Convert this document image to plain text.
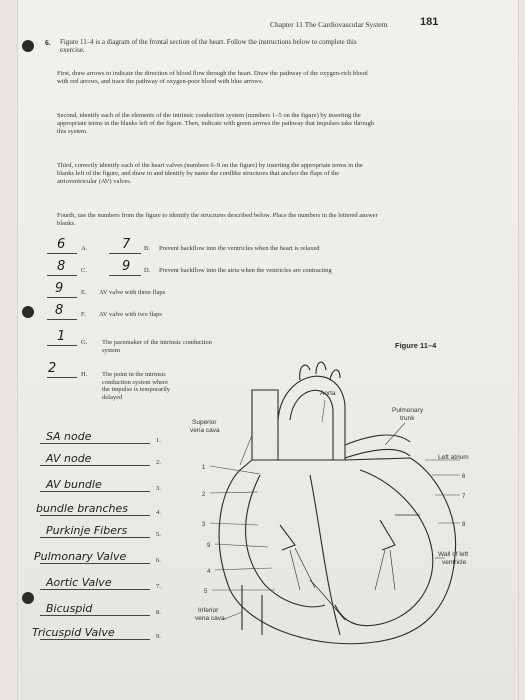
Chapter 11 The Cardiovascular System	181
6. Figure 11–4 is a diagram of the frontal section of the heart. Follow the instructions below to complete this exercise.
First, draw arrows to indicate the direction of blood flow through the heart. Draw the pathway of the oxygen-rich blood with red arrows, and trace the pathway of oxygen-poor blood with blue arrows.
Second, identify each of the elements of the intrinsic conduction system (numbers 1–5 on the figure) by inserting the appropriate terms in the blanks left of the figure. Then, indicate with green arrows the pathway that impulses take through this system.
Third, correctly identify each of the heart valves (numbers 6–9 on the figure) by inserting the appropriate terms in the blanks left of the figure, and draw in and identify by name the cordlike structures that anchor the flaps of the atrioventricular (AV) valves.
Fourth, use the numbers from the figure to identify the structures described below. Place the numbers in the lettered answer blanks.
6 A.	7 B. Prevent backflow into the ventricles when the heart is relaxed
8 C.	9 D. Prevent backflow into the atria when the ventricles are contracting
9	E. AV valve with three flaps
8	F. AV valve with two flaps
1 G. The pacemaker of the intrinsic conduction system
2	H. The point in the intrinsic conduction system where the impulse is temporarily delayed
SA node	1.
AV node	2.
AV bundle	3.
bundle branches	4.
Purkinje Fibers	5.
Pulmonary Valve	6.
Aortic Valve	7.
Bicuspid	8.
Tricuspid Valve	9.
Figure 11–4
Aorta
Pulmonary
trunk
Superior
vena cava
Inferior
vena cava
Left atrium
Wall of left
ventricle
1
2
3
9
4
5
6
7
8
